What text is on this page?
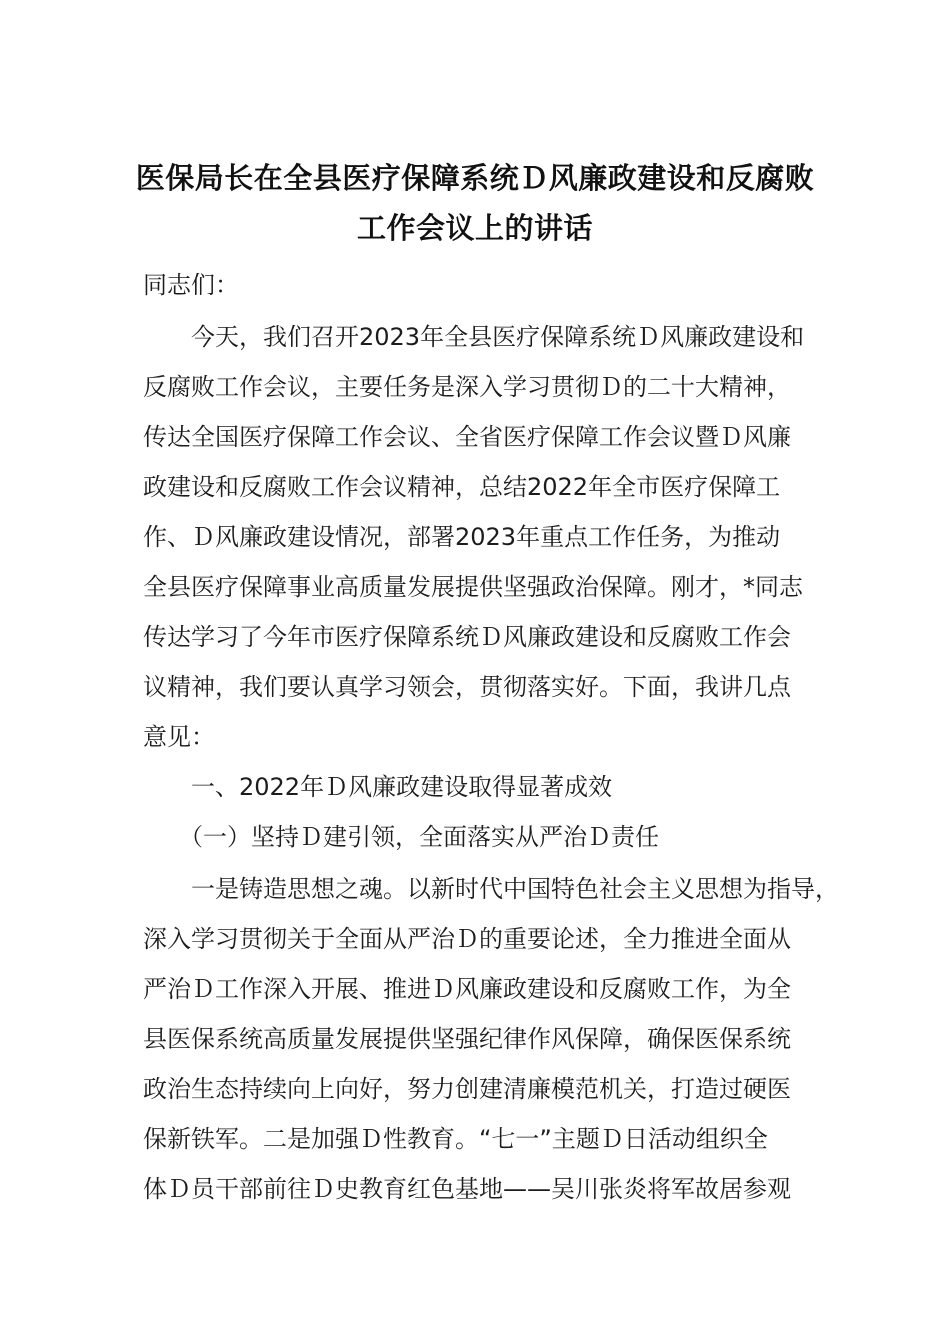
医保局长在全县医疗保障系统Ｄ风廉政建设和反腐败
工作会议上的讲话
同志们：
　　今天，我们召开2023年全县医疗保障系统Ｄ风廉政建设和
反腐败工作会议，主要任务是深入学习贯彻Ｄ的二十大精神，
传达全国医疗保障工作会议、全省医疗保障工作会议暨Ｄ风廉
政建设和反腐败工作会议精神，总结2022年全市医疗保障工
作、Ｄ风廉政建设情况，部署2023年重点工作任务，为推动
全县医疗保障事业高质量发展提供坚强政治保障。刚才，*同志
传达学习了今年市医疗保障系统Ｄ风廉政建设和反腐败工作会
议精神，我们要认真学习领会，贯彻落实好。下面，我讲几点
意见：
　　一、2022年Ｄ风廉政建设取得显著成效
　　（一）坚持Ｄ建引领，全面落实从严治Ｄ责任
　　一是铸造思想之魂。以新时代中国特色社会主义思想为指导，
深入学习贯彻关于全面从严治Ｄ的重要论述，全力推进全面从
严治Ｄ工作深入开展、推进Ｄ风廉政建设和反腐败工作，为全
县医保系统高质量发展提供坚强纪律作风保障，确保医保系统
政治生态持续向上向好，努力创建清廉模范机关，打造过硬医
保新铁军。二是加强Ｄ性教育。“七一”主题Ｄ日活动组织全
体Ｄ员干部前往Ｄ史教育红色基地——吴川张炎将军故居参观
